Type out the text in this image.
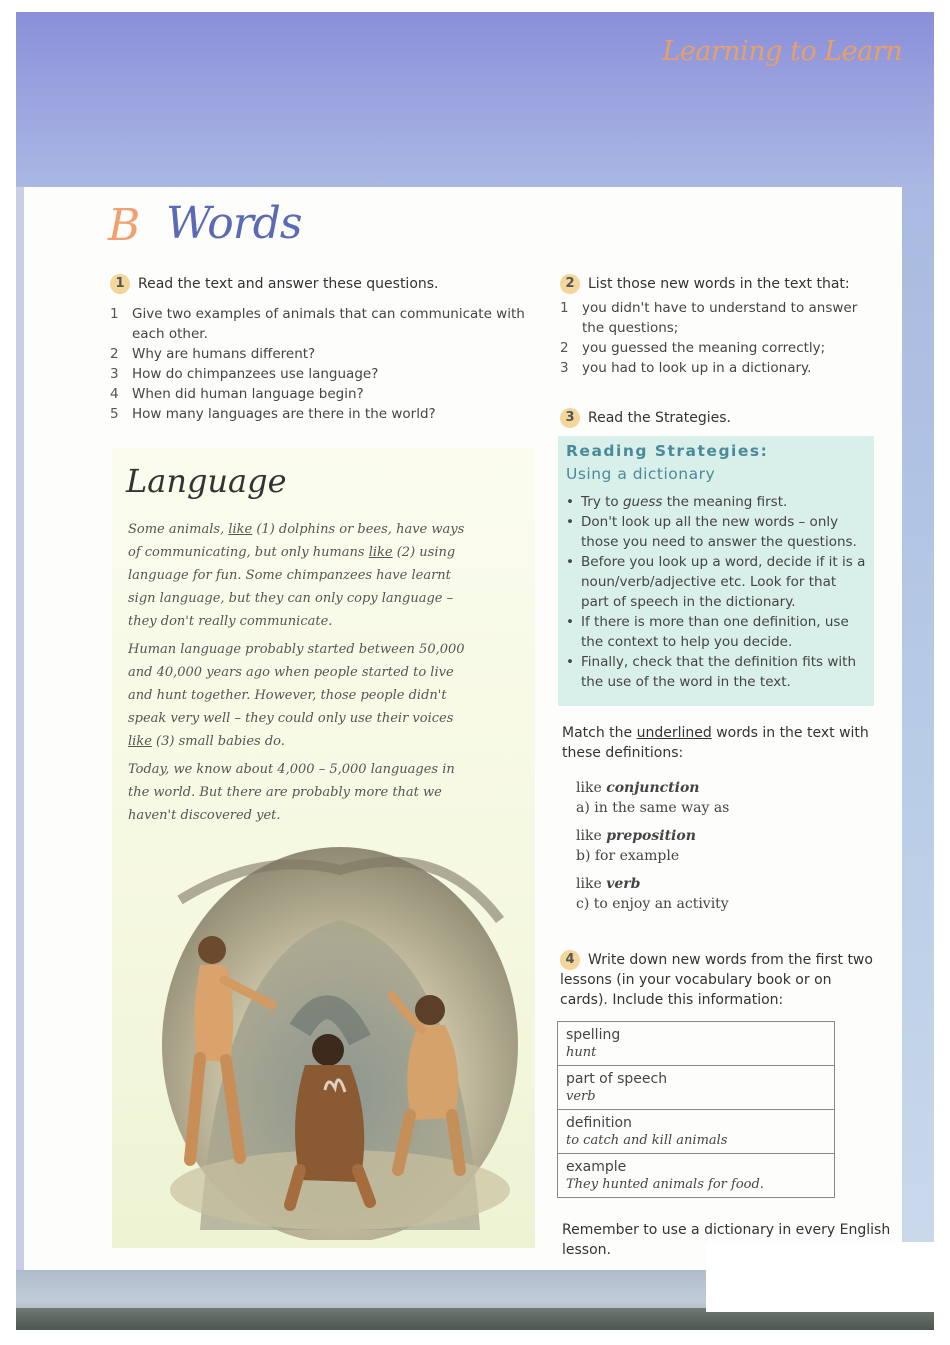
Learning to Learn
B Words
1 Read the text and answer these questions.
1 Give two examples of animals that can communicate with each other.
2 Why are humans different?
3 How do chimpanzees use language?
4 When did human language begin?
5 How many languages are there in the world?
Language
Some animals, like (1) dolphins or bees, have ways of communicating, but only humans like (2) using language for fun. Some chimpanzees have learnt sign language, but they can only copy language – they don't really communicate.
Human language probably started between 50,000 and 40,000 years ago when people started to live and hunt together. However, those people didn't speak very well – they could only use their voices like (3) small babies do.
Today, we know about 4,000 – 5,000 languages in the world. But there are probably more that we haven't discovered yet.
2 List those new words in the text that:
1 you didn't have to understand to answer the questions;
2 you guessed the meaning correctly;
3 you had to look up in a dictionary.
3 Read the Strategies.
Reading Strategies:
Using a dictionary
• Try to guess the meaning first.
• Don't look up all the new words – only those you need to answer the questions.
• Before you look up a word, decide if it is a noun/verb/adjective etc. Look for that part of speech in the dictionary.
• If there is more than one definition, use the context to help you decide.
• Finally, check that the definition fits with the use of the word in the text.
Match the underlined words in the text with these definitions:
like conjunction
a) in the same way as
like preposition
b) for example
like verb
c) to enjoy an activity
4 Write down new words from the first two lessons (in your vocabulary book or on cards). Include this information:
spelling
hunt
part of speech
verb
definition
to catch and kill animals
example
They hunted animals for food.
Remember to use a dictionary in every English lesson.
